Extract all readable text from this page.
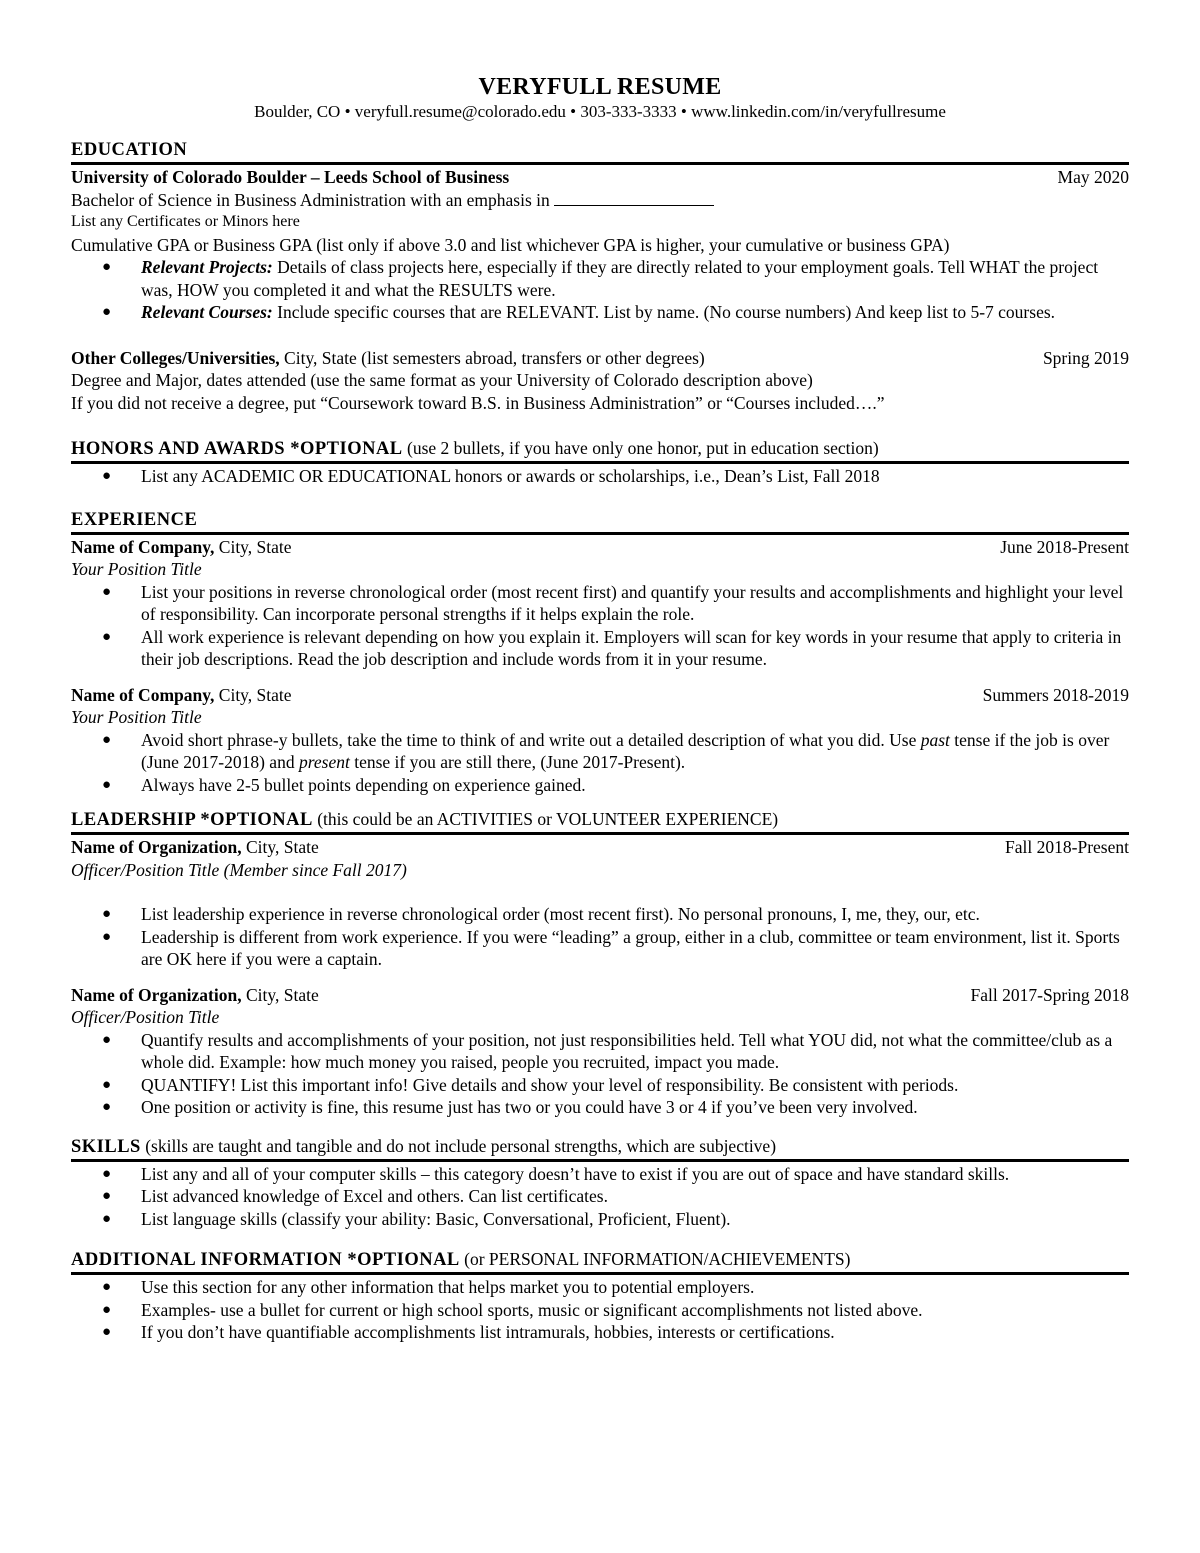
VERYFULL RESUME
Boulder, CO • veryfull.resume@colorado.edu • 303-333-3333 • www.linkedin.com/in/veryfullresume
EDUCATION
University of Colorado Boulder – Leeds School of Business	May 2020
Bachelor of Science in Business Administration with an emphasis in
List any Certificates or Minors here
Cumulative GPA or Business GPA (list only if above 3.0 and list whichever GPA is higher, your cumulative or business GPA)
● Relevant Projects: Details of class projects here, especially if they are directly related to your employment goals. Tell WHAT the project was, HOW you completed it and what the RESULTS were.
● Relevant Courses: Include specific courses that are RELEVANT. List by name. (No course numbers) And keep list to 5-7 courses.
Other Colleges/Universities, City, State (list semesters abroad, transfers or other degrees)	Spring 2019
Degree and Major, dates attended (use the same format as your University of Colorado description above)
If you did not receive a degree, put “Coursework toward B.S. in Business Administration” or “Courses included….”
HONORS AND AWARDS *OPTIONAL (use 2 bullets, if you have only one honor, put in education section)
● List any ACADEMIC OR EDUCATIONAL honors or awards or scholarships, i.e., Dean’s List, Fall 2018
EXPERIENCE
Name of Company, City, State	June 2018-Present
Your Position Title
● List your positions in reverse chronological order (most recent first) and quantify your results and accomplishments and highlight your level of responsibility. Can incorporate personal strengths if it helps explain the role.
● All work experience is relevant depending on how you explain it. Employers will scan for key words in your resume that apply to criteria in their job descriptions. Read the job description and include words from it in your resume.
Name of Company, City, State	Summers 2018-2019
Your Position Title
● Avoid short phrase-y bullets, take the time to think of and write out a detailed description of what you did. Use past tense if the job is over (June 2017-2018) and present tense if you are still there, (June 2017-Present).
● Always have 2-5 bullet points depending on experience gained.
LEADERSHIP *OPTIONAL (this could be an ACTIVITIES or VOLUNTEER EXPERIENCE)
Name of Organization, City, State	Fall 2018-Present
Officer/Position Title (Member since Fall 2017)
● List leadership experience in reverse chronological order (most recent first). No personal pronouns, I, me, they, our, etc.
● Leadership is different from work experience. If you were “leading” a group, either in a club, committee or team environment, list it. Sports are OK here if you were a captain.
Name of Organization, City, State	Fall 2017-Spring 2018
Officer/Position Title
● Quantify results and accomplishments of your position, not just responsibilities held. Tell what YOU did, not what the committee/club as a whole did. Example: how much money you raised, people you recruited, impact you made.
● QUANTIFY! List this important info! Give details and show your level of responsibility. Be consistent with periods.
● One position or activity is fine, this resume just has two or you could have 3 or 4 if you’ve been very involved.
SKILLS (skills are taught and tangible and do not include personal strengths, which are subjective)
● List any and all of your computer skills – this category doesn’t have to exist if you are out of space and have standard skills.
● List advanced knowledge of Excel and others. Can list certificates.
● List language skills (classify your ability: Basic, Conversational, Proficient, Fluent).
ADDITIONAL INFORMATION *OPTIONAL (or PERSONAL INFORMATION/ACHIEVEMENTS)
● Use this section for any other information that helps market you to potential employers.
● Examples- use a bullet for current or high school sports, music or significant accomplishments not listed above.
● If you don’t have quantifiable accomplishments list intramurals, hobbies, interests or certifications.
